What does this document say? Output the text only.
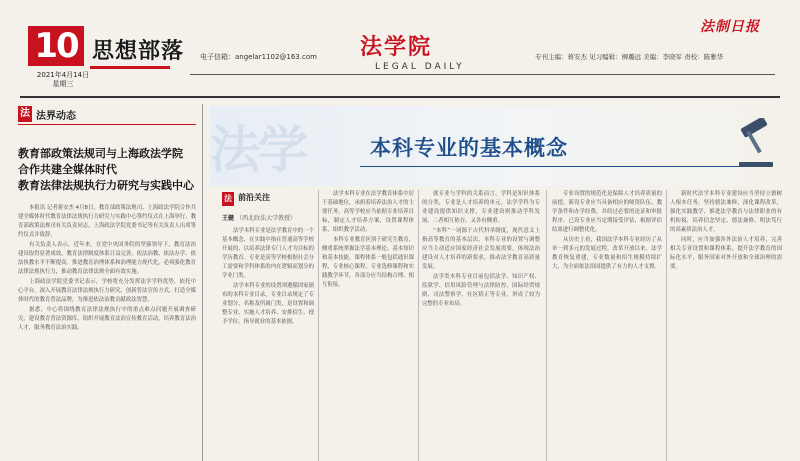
10
2021年4月14日
星期三
思想部落 电子信箱：angelar1102@163.com 法学院
LEGAL DAILY
专刊主编：蒋安杰 见习编辑：柳璐远 美编：李晓军 责校：陈雅华
法制日报
法 法界动态
教育部政策法规司与上海政法学院
合作共建全媒体时代
教育法律法规执行力研究与实践中心

本报讯 记者蒋安杰 4月8日，教育部政策法规司、上海政法学院合作共建全媒体时代教育法律法规执行力研究与实践中心签约仪式在上海举行。教育部政策法规司有关负责同志，上海政法学院党委书记等有关负责人出席签约仪式并致辞。

有关负责人表示，近年来，在党中央国务院的坚强领导下，教育法治建设取得显著成效，教育法律制度体系日益完善，依法治教、依法办学、依法执教水平不断提高。推进教育治理体系和治理能力现代化，必须强化教育法律法规执行力，推动教育法律法规全面有效实施。

上海政法学院党委书记表示，学校将充分发挥法学学科优势，依托中心平台，深入开展教育法律法规执行力研究，创新普法宣传方式，打造全媒体时代的教育普法品牌，为推进依法治教贡献政法智慧。

据悉，中心将围绕教育法律法规执行中的重点难点问题开展调查研究，建设教育普法资源库，组织开展教育法治宣传教育活动，培养教育法治人才，服务教育法治实践。

法学	本科专业的基本概念
法 前沿关注
王健 （西北政法大学教授）

法学本科专业是法学教育中的一个基本概念，在实践中指在普通高等学校开展的、以培养法律专门人才为目标的学历教育。专业是高等学校根据社会分工需要和学科体系的内在逻辑而划分的学业门类。

法学本科专业的设置须遵循国家颁布的本科专业目录，专业目录规定了专业划分、名称及所属门类，是设置和调整专业、实施人才培养、安排招生、授予学位、指导就业的基本依据。

法学本科专业在法学教育体系中居于基础地位，承担着培养法治人才的主要任务。高等学校应当依据专业培养目标，制定人才培养方案，设置课程体系，组织教学活动。

本科专业教育区别于研究生教育，侧重系统掌握法学基本理论、基本知识和基本技能。课程体系一般包括通识课程、专业核心课程、专业选修课程和实践教学环节，各部分应当结构合理、相互衔接。

就专业与学科的关系而言，学科是知识体系的分类，专业是人才培养的单元。法学学科为专业建设提供知识支撑，专业建设则推动学科发展。二者相互依存，又各有侧重。

“本科”一词源于古代科举制度，现代意义上指高等教育的基本层次。本科专业的设置与调整应当主动适应国家经济社会发展需要，体现法治建设对人才培养的新要求，推动法学教育高质量发展。

法学类本科专业目前包括法学、知识产权、监狱学、信用风险管理与法律防控、国际经贸规则、司法警察学、社区矫正等专业，形成了较为完整的专业布局。

专业设置的规范化是保障人才培养质量的前提。新设专业应当具备相应的师资队伍、教学条件和办学经费，并经过必要的论证和审批程序。已设专业应当定期接受评估，根据评估结果进行调整优化。

从历史上看，我国法学本科专业经历了从单一到多元的发展过程。改革开放以来，法学教育恢复重建，专业数量和招生规模持续扩大，为全面依法治国提供了有力的人才支撑。

新时代法学本科专业建设应当坚持立德树人根本任务，坚持德法兼修，深化课程改革，强化实践教学，推进法学教育与法律职业的有机衔接，培养信念坚定、德法兼修、明法笃行的高素质法治人才。

同时，应当加强涉外法治人才培养，完善相关专业设置和课程体系，提升法学教育的国际化水平，服务国家对外开放和全球治理的需要。
